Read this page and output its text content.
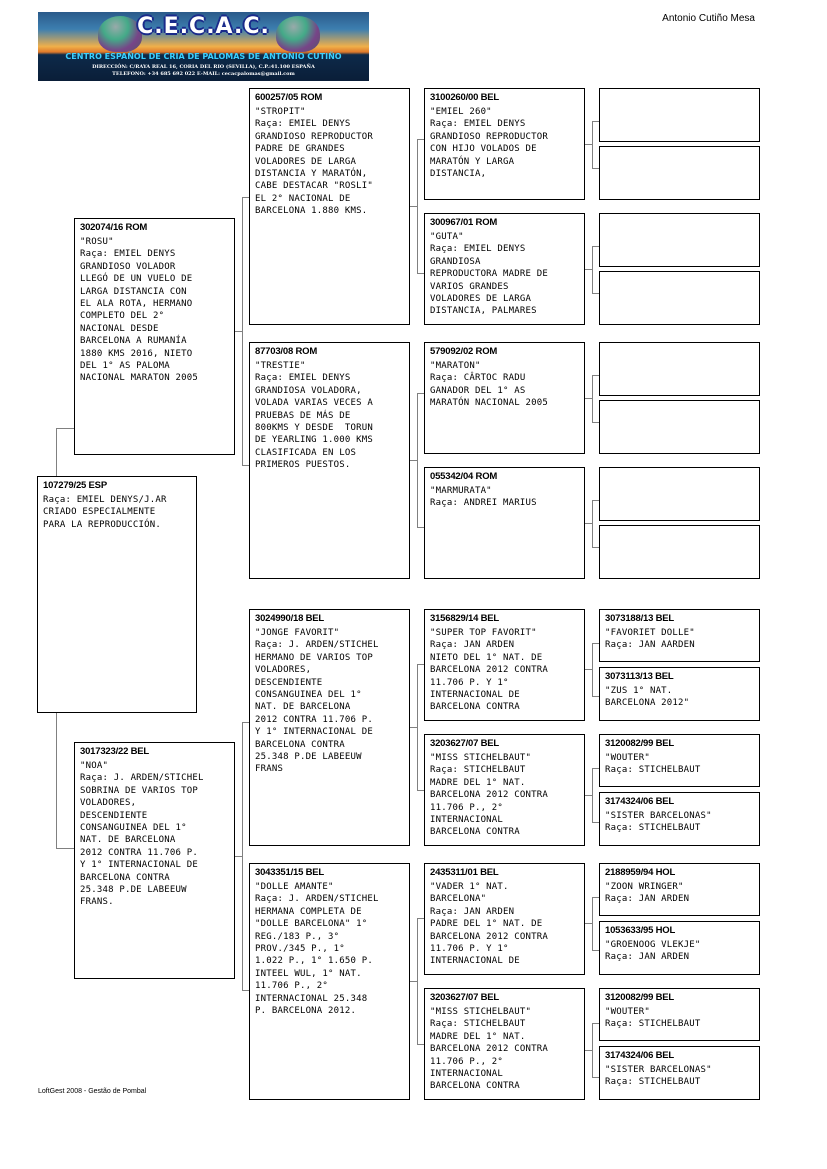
C.E.C.A.C.
CENTRO ESPAÑOL DE CRIA DE PALOMAS DE ANTONIO CUTIÑO
DIRECCIÓN: C/RAYA REAL 16, CORIA DEL RIO (SEVILLA), C.P.:41.100 ESPAÑA
TELEFONO: +34 685 692 022 E-MAIL: cecacpalomas@gmail.com
Antonio Cutiño Mesa
107279/25 ESP
Raça: EMIEL DENYS/J.AR
CRIADO ESPECIALMENTE
PARA LA REPRODUCCIÓN.
302074/16 ROM
"ROSU"
Raça: EMIEL DENYS
GRANDIOSO VOLADOR
LLEGÓ DE UN VUELO DE
LARGA DISTANCIA CON
EL ALA ROTA, HERMANO
COMPLETO DEL 2°
NACIONAL DESDE
BARCELONA A RUMANÍA
1880 KMS 2016, NIETO
DEL 1° AS PALOMA
NACIONAL MARATON 2005
3017323/22 BEL
"NOA"
Raça: J. ARDEN/STICHEL
SOBRINA DE VARIOS TOP
VOLADORES,
DESCENDIENTE
CONSANGUINEA DEL 1°
NAT. DE BARCELONA
2012 CONTRA 11.706 P.
Y 1° INTERNACIONAL DE
BARCELONA CONTRA
25.348 P.DE LABEEUW
FRANS.
600257/05 ROM
"STROPIT"
Raça: EMIEL DENYS
GRANDIOSO REPRODUCTOR
PADRE DE GRANDES
VOLADORES DE LARGA
DISTANCIA Y MARATÓN,
CABE DESTACAR "ROSLI"
EL 2° NACIONAL DE
BARCELONA 1.880 KMS.
87703/08 ROM
"TRESTIE"
Raça: EMIEL DENYS
GRANDIOSA VOLADORA,
VOLADA VARIAS VECES A
PRUEBAS DE MÁS DE
800KMS Y DESDE  TORUN
DE YEARLING 1.000 KMS
CLASIFICADA EN LOS
PRIMEROS PUESTOS.
3024990/18 BEL
"JONGE FAVORIT"
Raça: J. ARDEN/STICHEL
HERMANO DE VARIOS TOP
VOLADORES,
DESCENDIENTE
CONSANGUINEA DEL 1°
NAT. DE BARCELONA
2012 CONTRA 11.706 P.
Y 1° INTERNACIONAL DE
BARCELONA CONTRA
25.348 P.DE LABEEUW
FRANS
3043351/15 BEL
"DOLLE AMANTE"
Raça: J. ARDEN/STICHEL
HERMANA COMPLETA DE
"DOLLE BARCELONA" 1°
REG./183 P., 3°
PROV./345 P., 1°
1.022 P., 1° 1.650 P.
INTEEL WUL, 1° NAT.
11.706 P., 2°
INTERNACIONAL 25.348
P. BARCELONA 2012.
3100260/00 BEL
"EMIEL 260"
Raça: EMIEL DENYS
GRANDIOSO REPRODUCTOR
CON HIJO VOLADOS DE
MARATÓN Y LARGA
DISTANCIA,
300967/01 ROM
"GUTA"
Raça: EMIEL DENYS
GRANDIOSA
REPRODUCTORA MADRE DE
VARIOS GRANDES
VOLADORES DE LARGA
DISTANCIA, PALMARES
579092/02 ROM
"MARATON"
Raça: CÂRTOC RADU
GANADOR DEL 1° AS
MARATÓN NACIONAL 2005
055342/04 ROM
"MARMURATA"
Raça: ANDREI MARIUS
3156829/14 BEL
"SUPER TOP FAVORIT"
Raça: JAN ARDEN
NIETO DEL 1° NAT. DE
BARCELONA 2012 CONTRA
11.706 P. Y 1°
INTERNACIONAL DE
BARCELONA CONTRA
3203627/07 BEL
"MISS STICHELBAUT"
Raça: STICHELBAUT
MADRE DEL 1° NAT.
BARCELONA 2012 CONTRA
11.706 P., 2°
INTERNACIONAL
BARCELONA CONTRA
2435311/01 BEL
"VADER 1° NAT.
BARCELONA"
Raça: JAN ARDEN
PADRE DEL 1° NAT. DE
BARCELONA 2012 CONTRA
11.706 P. Y 1°
INTERNACIONAL DE
3203627/07 BEL
"MISS STICHELBAUT"
Raça: STICHELBAUT
MADRE DEL 1° NAT.
BARCELONA 2012 CONTRA
11.706 P., 2°
INTERNACIONAL
BARCELONA CONTRA
3073188/13 BEL
"FAVORIET DOLLE"
Raça: JAN AARDEN
3073113/13 BEL
"ZUS 1° NAT.
BARCELONA 2012"
3120082/99 BEL
"WOUTER"
Raça: STICHELBAUT
3174324/06 BEL
"SISTER BARCELONAS"
Raça: STICHELBAUT
2188959/94 HOL
"ZOON WRINGER"
Raça: JAN ARDEN
1053633/95 HOL
"GROENOOG VLEKJE"
Raça: JAN ARDEN
3120082/99 BEL
"WOUTER"
Raça: STICHELBAUT
3174324/06 BEL
"SISTER BARCELONAS"
Raça: STICHELBAUT
LoftGest 2008 - Gestão de Pombal
